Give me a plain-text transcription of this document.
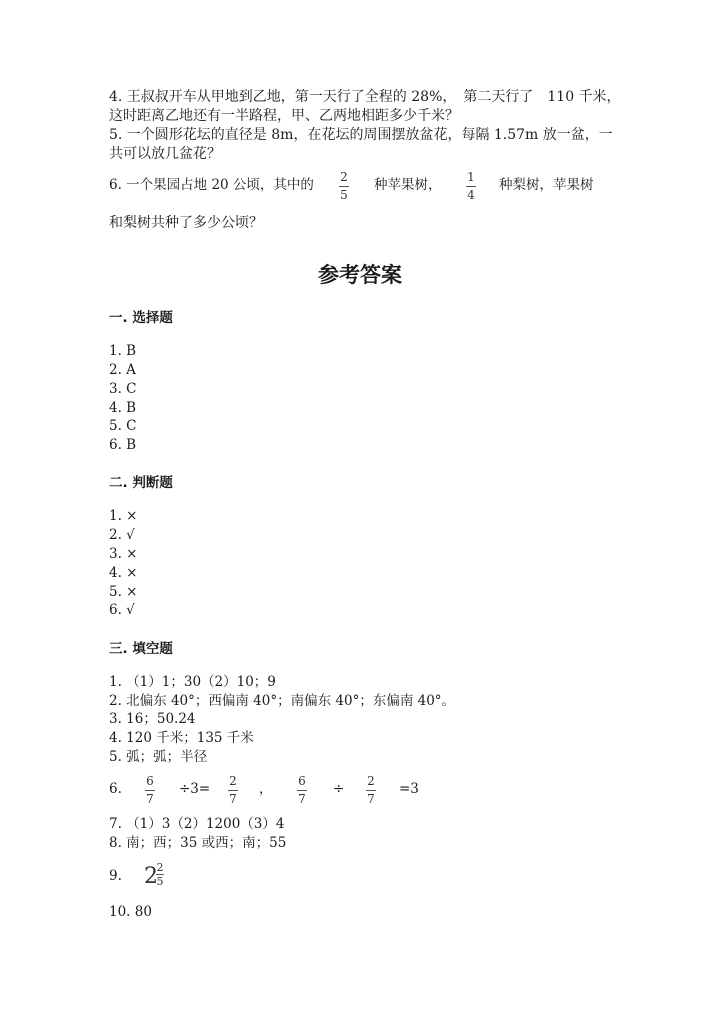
4. 王叔叔开车从甲地到乙地，第一天行了全程的 28%，　第二天行了　110 千米，
这时距离乙地还有一半路程，甲、乙两地相距多少千米？
5. 一个圆形花坛的直径是 8m，在花坛的周围摆放盆花，每隔 1.57m 放一盆，一
共可以放几盆花？
6. 一个果园占地 20 公顷，其中的 2
5
种苹果树， 1
4
种梨树，苹果树
和梨树共种了多少公顷？
参考答案
一. 选择题
1. B
2. A
3. C
4. B
5. C
6. B
二. 判断题
1. ×
2. √
3. ×
4. ×
5. ×
6. √
三. 填空题
1. （1）1；30（2）10；9
2. 北偏东 40°；西偏南 40°；南偏东 40°；东偏南 40°。
3. 16；50.24
4. 120 千米；135 千米
5. 弧；弧；半径
6. 6
7
÷3= 2
7
， 6
7
÷ 2
7
=3
7. （1）3（2）1200（3）4
8. 南；西；35 或西；南；55
9. 2
2
5
10. 80
